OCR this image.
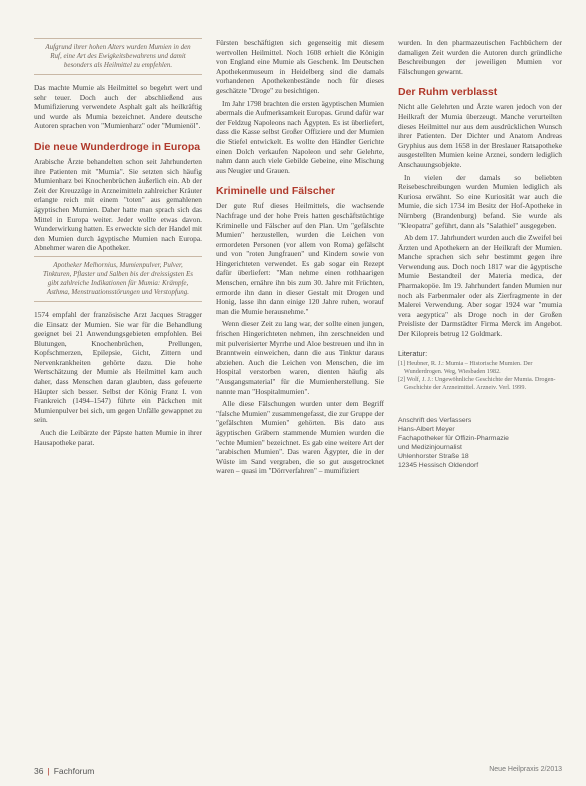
Aufgrund ihrer hohen Alters wurden Mumien in den Ruf, eine Art des Ewigkeitsbewahrens und damit besonders als Heilmittel zu empfehlen.

Das machte Mumie als Heilmittel so begehrt wert und sehr teuer. Doch auch der abschließend aus Mumifizierung verwendete Asphalt galt als heilkräftig und wurde als Mumia bezeichnet. Andere deutsche Autoren sprachen von "Mumienharz" oder "Mumienöl".

Die neue Wunderdroge in Europa

Arabische Ärzte behandelten schon seit Jahrhunderten ihre Patienten mit "Mumia". Sie setzten sich häufig Mumienharz bei Knochenbrüchen äußerlich ein. Ab der Zeit der Kreuzzüge in Arzneimitteln zahlreicher Kräuter erlangte reich mit einem "toten" aus gemahlenen ägyptischen Mumien. Daher hatte man sprach sich das Mittel in Europa weiter. Jeder wollte etwas davon. Wunderwirkung hatten. Es erweckte sich der Handel mit den Mumien durch ägyptische Mumien nach Europa. Abnehmer waren die Apotheker.

Apotheker Melhornius, Mumienpulver, Pulver, Tinkturen, Pflaster und Salben bis der dreissigsten Es gibt zahlreiche Indikationen für Mumia: Krämpfe, Asthma, Menstruationsstörungen und Verstopfung.

1574 empfahl der französische Arzt Jacques Stragger die Einsatz der Mumien. Sie war für die Behandlung geeignet bei 21 Anwendungsgebieten empfohlen. Bei Blutungen, Knochenbrüchen, Prellungen, Kopfschmerzen, Epilepsie, Gicht, Zittern und Nervenkrankheiten gehörte dazu. Die hohe Wertschätzung der Mumie als Heilmittel kam auch daher, dass Menschen daran glaubten, dass gefeuerte Häupter sich besser. Selbst der König Franz I. von Frankreich (1494–1547) führte ein Päckchen mit Mumienpulver bei sich, um gegen Unfälle gewappnet zu sein.

Auch die Leibärzte der Päpste hatten Mumie in ihrer Hausapotheke parat.

Fürsten beschäftigten sich gegenseitig mit diesem wertvollen Heilmittel. Noch 1608 erhielt die Königin von England eine Mumie als Geschenk. Im Deutschen Apothekenmuseum in Heidelberg sind die damals vorhandenen Apothekenbestände noch für dieses geschätzte "Droge" zu besichtigen.

Im Jahr 1798 brachten die ersten ägyptischen Mumien abermals die Aufmerksamkeit Europas. Grund dafür war der Feldzug Napoleons nach Ägypten. Es ist überliefert, dass die Kasse selbst Großer Offiziere und der Mumien die Stiefel entwickelt. Es wollte den Händler Gerichte einen Dolch verkaufen Napoleon und sehr Gelehrte, nahm dann auch viele Gebilde Gebeine, eine Mischung aus Neugier und Grauen.

Kriminelle und Fälscher

Der gute Ruf dieses Heilmittels, die wachsende Nachfrage und der hohe Preis hatten geschäftstüchtige Kriminelle und Fälscher auf den Plan. Um "gefälschte Mumien" herzustellen, wurden die Leichen von ermordeten Personen (vor allem von Roma) gefälscht und von "roten Jungfrauen" und Kindern sowie von Hingerichteten verwendet. Es gab sogar ein Rezept dafür überliefert: "Man nehme einen rothhaarigen Menschen, ernähre ihn bis zum 30. Jahre mit Früchten, ermorde ihn dann in dieser Gestalt mit Drogen und Honig, lasse ihn dann einige 120 Jahre ruhen, worauf man die Mumie herausnehme."

Wenn dieser Zeit zu lang war, der sollte einen jungen, frischen Hingerichteten nehmen, ihn zerschneiden und mit pulverisierter Myrrhe und Aloe bestreuen und ihn in Branntwein einweichen, dann die aus Tinktur daraus abziehen. Auch die Leichen von Menschen, die im Hospital verstorben waren, dienten häufig als "Ausgangsmaterial" für die Mumienherstellung. Sie nannte man "Hospitalmumien".

Alle diese Fälschungen wurden unter dem Begriff "falsche Mumien" zusammengefasst, die zur Gruppe der "gefälschten Mumien" gehörten. Bis dato aus ägyptischen Gräbern stammende Mumien wurden die "echte Mumien" bezeichnet. Es gab eine weitere Art der "arabischen Mumien". Das waren Ägypter, die in der Wüste im Sand vergraben, die so gut ausgetrocknet waren – quasi im "Dörrverfahren" – mumifiziert

wurden. In den pharmazeutischen Fachbüchern der damaligen Zeit wurden die Autoren durch gründliche Beschreibungen der jeweiligen Mumien vor Fälschungen gewarnt.

Der Ruhm verblasst

Nicht alle Gelehrten und Ärzte waren jedoch von der Heilkraft der Mumia überzeugt. Manche verurteilten dieses Heilmittel nur aus dem ausdrücklichen Wunsch ihrer Patienten. Der Dichter und Anatom Andreas Gryphius aus dem 1658 in der Breslauer Ratsapotheke ausgestellten Mumien keine Arznei, sondern lediglich Anschauungsobjekte.

In vielen der damals so beliebten Reisebeschreibungen wurden Mumien lediglich als Kuriosa erwähnt. So eine Kuriosität war auch die Mumie, die sich 1734 im Besitz der Hof-Apotheke in Nürnberg (Brandenburg) befand. Sie wurde als "Kleopatra" geführt, dann als "Salathiel" ausgegeben.

Ab dem 17. Jahrhundert wurden auch die Zweifel bei Ärzten und Apothekern an der Heilkraft der Mumien. Manche sprachen sich sehr bestimmt gegen ihre Verwendung aus. Doch noch 1817 war die ägyptische Mumie Bestandteil der Materia medica, der Pharmakopöe. Im 19. Jahrhundert fanden Mumien nur noch als Farbenmaler oder als Zierfragmente in der Malerei Verwendung. Aber sogar 1924 war "mumia vera aegyptica" als Droge noch in der Großen Preisliste der Darmstädter Firma Merck im Angebot. Der Kilopreis betrug 12 Goldmark.

Literatur:

[1] Heubner, R. J.: Mumia – Historische Mumien. Der Wunderdrogen. Weg, Wiesbaden 1982.

[2] Wolf, J. J.: Ungewöhnliche Geschichte der Mumia. Drogen-Geschichte der Arzneimittel. Arzneiv. Verl. 1999.

Anschrift des Verfassers

Hans-Albert Meyer

Fachapotheker für Offizin-Pharmazie

und Medizinjournalist

Uhlenhorster Straße 18

12345 Hessisch Oldendorf

36 | Fachforum	Neue Heilpraxis 2/2013
